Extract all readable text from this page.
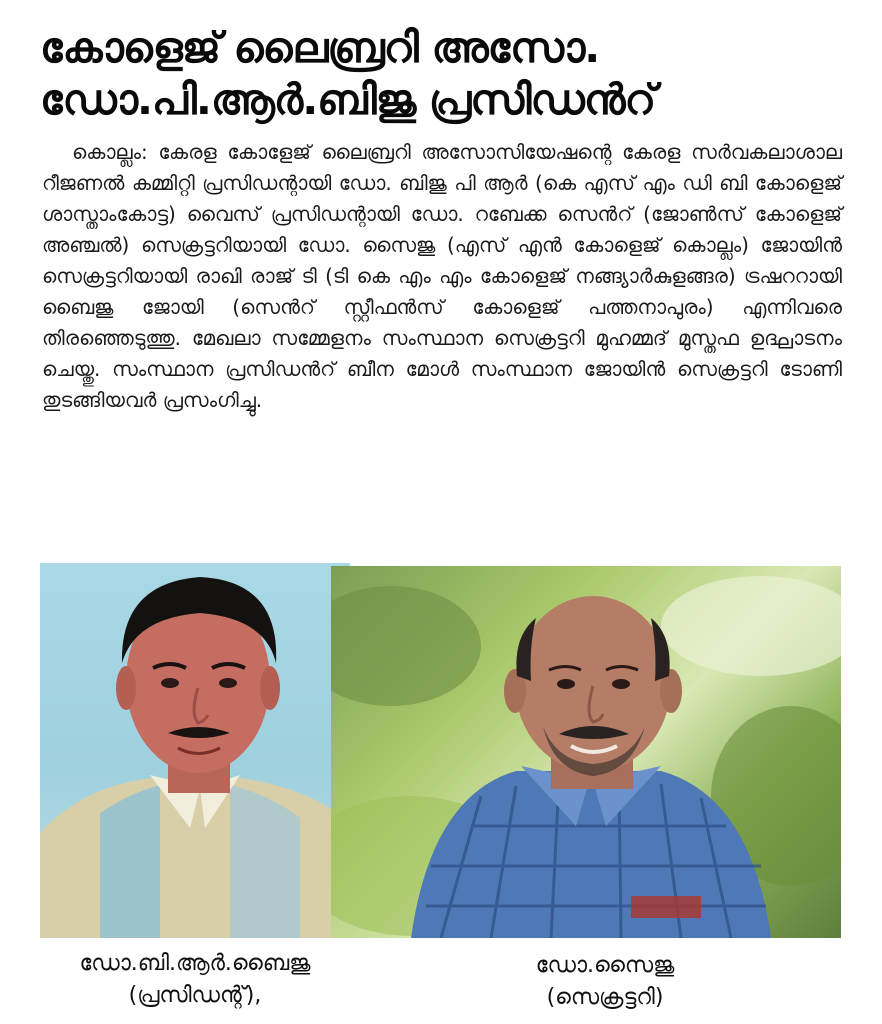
കോളെജ് ലൈബ്രറി അസോ.
ഡോ.പി.ആർ.ബിജു പ്രസിഡൻറ്
കൊല്ലം: കേരള കോളേജ് ലൈബ്രറി അസോസിയേഷന്റെ കേരള സർവകലാശാല റീജണൽ കമ്മിറ്റി പ്രസിഡന്റായി ഡോ. ബിജു പി ആർ (കെ എസ് എം ഡി ബി കോളെജ് ശാസ്താംകോട്ട) വൈസ് പ്രസിഡന്റായി ഡോ. റബേക്ക സെൻറ് (ജോൺസ് കോളെജ് അഞ്ചൽ) സെക്രട്ടറിയായി ഡോ. സൈജു (എസ് എൻ കോളെജ് കൊല്ലം) ജോയിൻ സെക്രട്ടറിയായി രാഖി രാജ് ടി (ടി കെ എം എം കോളെജ് നങ്ങ്യാർകുളങ്ങര) ട്രഷററായി ബൈജു ജോയി (സെൻറ് സ്റ്റീഫൻസ് കോളെജ് പത്തനാപുരം) എന്നിവരെ തിരഞ്ഞെടുത്തു. മേഖലാ സമ്മേളനം സംസ്ഥാന സെക്രട്ടറി മുഹമ്മദ് മുസ്തഫ ഉദ്ഘാടനം ചെയ്തു. സംസ്ഥാന പ്രസിഡൻറ് ബീന മോൾ സംസ്ഥാന ജോയിൻ സെക്രട്ടറി ടോണി തുടങ്ങിയവർ പ്രസംഗിച്ചു.
ഡോ.ബി.ആർ.ബൈജു
(പ്രസിഡന്റ്),
ഡോ.സൈജു
(സെക്രട്ടറി)
